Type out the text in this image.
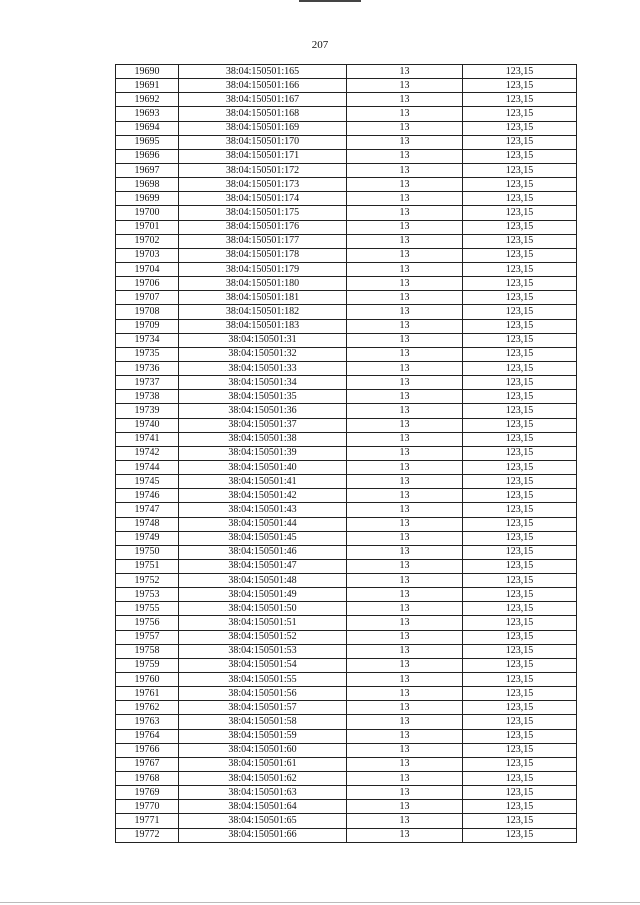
207
19690	38:04:150501:165	13	123,15
19691	38:04:150501:166	13	123,15
19692	38:04:150501:167	13	123,15
19693	38:04:150501:168	13	123,15
19694	38:04:150501:169	13	123,15
19695	38:04:150501:170	13	123,15
19696	38:04:150501:171	13	123,15
19697	38:04:150501:172	13	123,15
19698	38:04:150501:173	13	123,15
19699	38:04:150501:174	13	123,15
19700	38:04:150501:175	13	123,15
19701	38:04:150501:176	13	123,15
19702	38:04:150501:177	13	123,15
19703	38:04:150501:178	13	123,15
19704	38:04:150501:179	13	123,15
19706	38:04:150501:180	13	123,15
19707	38:04:150501:181	13	123,15
19708	38:04:150501:182	13	123,15
19709	38:04:150501:183	13	123,15
19734	38:04:150501:31	13	123,15
19735	38:04:150501:32	13	123,15
19736	38:04:150501:33	13	123,15
19737	38:04:150501:34	13	123,15
19738	38:04:150501:35	13	123,15
19739	38:04:150501:36	13	123,15
19740	38:04:150501:37	13	123,15
19741	38:04:150501:38	13	123,15
19742	38:04:150501:39	13	123,15
19744	38:04:150501:40	13	123,15
19745	38:04:150501:41	13	123,15
19746	38:04:150501:42	13	123,15
19747	38:04:150501:43	13	123,15
19748	38:04:150501:44	13	123,15
19749	38:04:150501:45	13	123,15
19750	38:04:150501:46	13	123,15
19751	38:04:150501:47	13	123,15
19752	38:04:150501:48	13	123,15
19753	38:04:150501:49	13	123,15
19755	38:04:150501:50	13	123,15
19756	38:04:150501:51	13	123,15
19757	38:04:150501:52	13	123,15
19758	38:04:150501:53	13	123,15
19759	38:04:150501:54	13	123,15
19760	38:04:150501:55	13	123,15
19761	38:04:150501:56	13	123,15
19762	38:04:150501:57	13	123,15
19763	38:04:150501:58	13	123,15
19764	38:04:150501:59	13	123,15
19766	38:04:150501:60	13	123,15
19767	38:04:150501:61	13	123,15
19768	38:04:150501:62	13	123,15
19769	38:04:150501:63	13	123,15
19770	38:04:150501:64	13	123,15
19771	38:04:150501:65	13	123,15
19772	38:04:150501:66	13	123,15
